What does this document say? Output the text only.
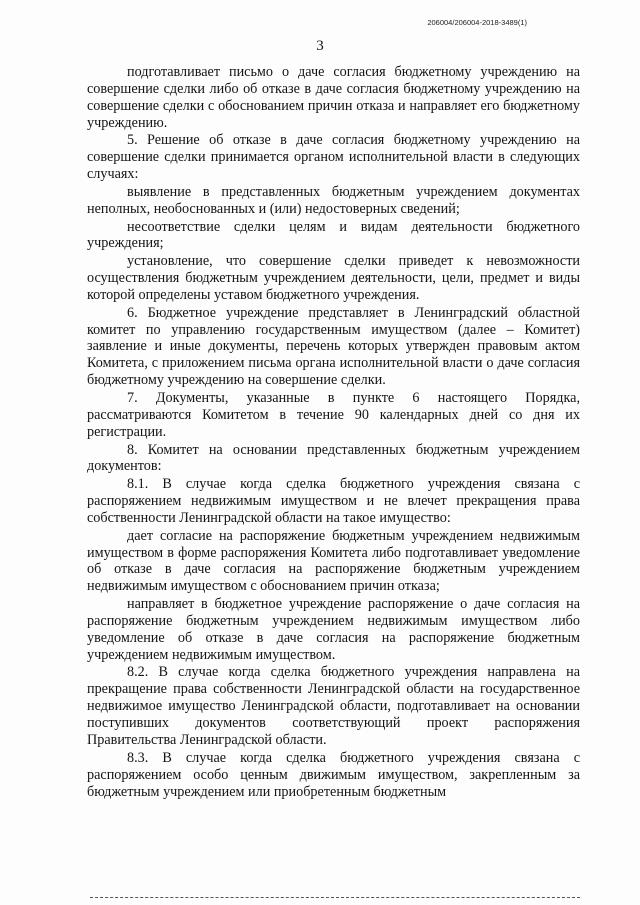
206004/206004-2018-3489(1)
3

подготавливает письмо о даче согласия бюджетному учреждению на совершение сделки либо об отказе в даче согласия бюджетному учреждению на совершение сделки с обоснованием причин отказа и направляет его бюджетному учреждению.

5. Решение об отказе в даче согласия бюджетному учреждению на совершение сделки принимается органом исполнительной власти в следующих случаях:

выявление в представленных бюджетным учреждением документах неполных, необоснованных и (или) недостоверных сведений;

несоответствие сделки целям и видам деятельности бюджетного учреждения;

установление, что совершение сделки приведет к невозможности осуществления бюджетным учреждением деятельности, цели, предмет и виды которой определены уставом бюджетного учреждения.

6. Бюджетное учреждение представляет в Ленинградский областной комитет по управлению государственным имуществом (далее – Комитет) заявление и иные документы, перечень которых утвержден правовым актом Комитета, с приложением письма органа исполнительной власти о даче согласия бюджетному учреждению на совершение сделки.

7. Документы, указанные в пункте 6 настоящего Порядка, рассматриваются Комитетом в течение 90 календарных дней со дня их регистрации.

8. Комитет на основании представленных бюджетным учреждением документов:

8.1. В случае когда сделка бюджетного учреждения связана с распоряжением недвижимым имуществом и не влечет прекращения права собственности Ленинградской области на такое имущество:

дает согласие на распоряжение бюджетным учреждением недвижимым имуществом в форме распоряжения Комитета либо подготавливает уведомление об отказе в даче согласия на распоряжение бюджетным учреждением недвижимым имуществом с обоснованием причин отказа;

направляет в бюджетное учреждение распоряжение о даче согласия на распоряжение бюджетным учреждением недвижимым имуществом либо уведомление об отказе в даче согласия на распоряжение бюджетным учреждением недвижимым имуществом.

8.2. В случае когда сделка бюджетного учреждения направлена на прекращение права собственности Ленинградской области на государственное недвижимое имущество Ленинградской области, подготавливает на основании поступивших документов соответствующий проект распоряжения Правительства Ленинградской области.

8.3. В случае когда сделка бюджетного учреждения связана с распоряжением особо ценным движимым имуществом, закрепленным за бюджетным учреждением или приобретенным бюджетным
